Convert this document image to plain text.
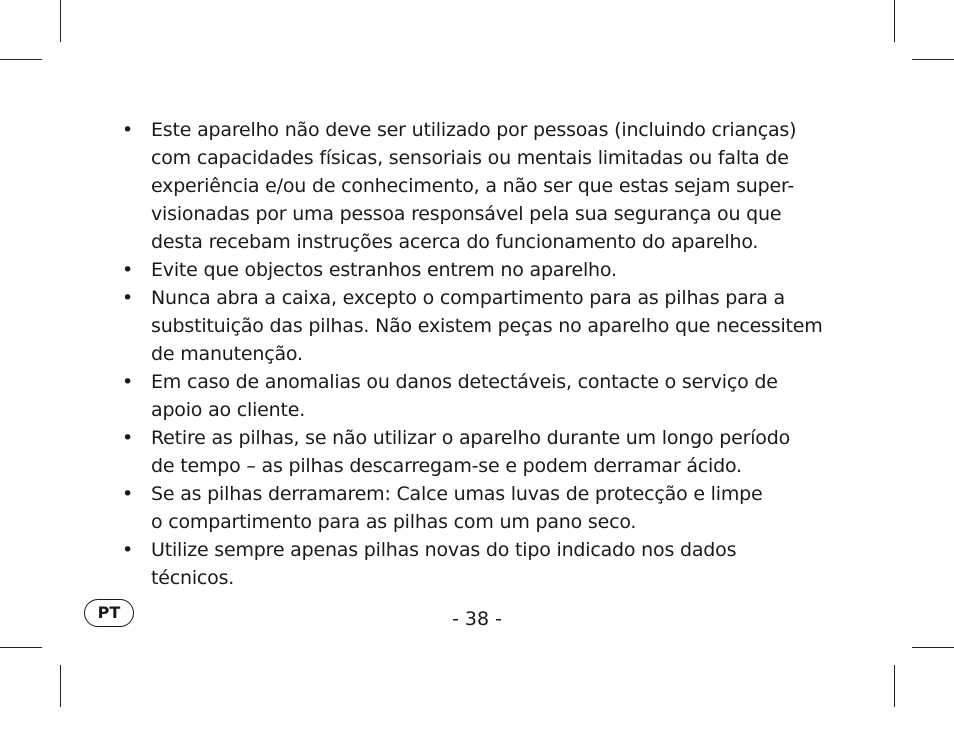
• Este aparelho não deve ser utilizado por pessoas (incluindo crianças)
com capacidades físicas, sensoriais ou mentais limitadas ou falta de
experiência e/ou de conhecimento, a não ser que estas sejam super-
visionadas por uma pessoa responsável pela sua segurança ou que
desta recebam instruções acerca do funcionamento do aparelho.
• Evite que objectos estranhos entrem no aparelho.
• Nunca abra a caixa, excepto o compartimento para as pilhas para a
substituição das pilhas. Não existem peças no aparelho que necessitem
de manutenção.
• Em caso de anomalias ou danos detectáveis, contacte o serviço de
apoio ao cliente.
• Retire as pilhas, se não utilizar o aparelho durante um longo período
de tempo – as pilhas descarregam-se e podem derramar ácido.
• Se as pilhas derramarem: Calce umas luvas de protecção e limpe
o compartimento para as pilhas com um pano seco.
• Utilize sempre apenas pilhas novas do tipo indicado nos dados
técnicos.
PT	- 38 -
